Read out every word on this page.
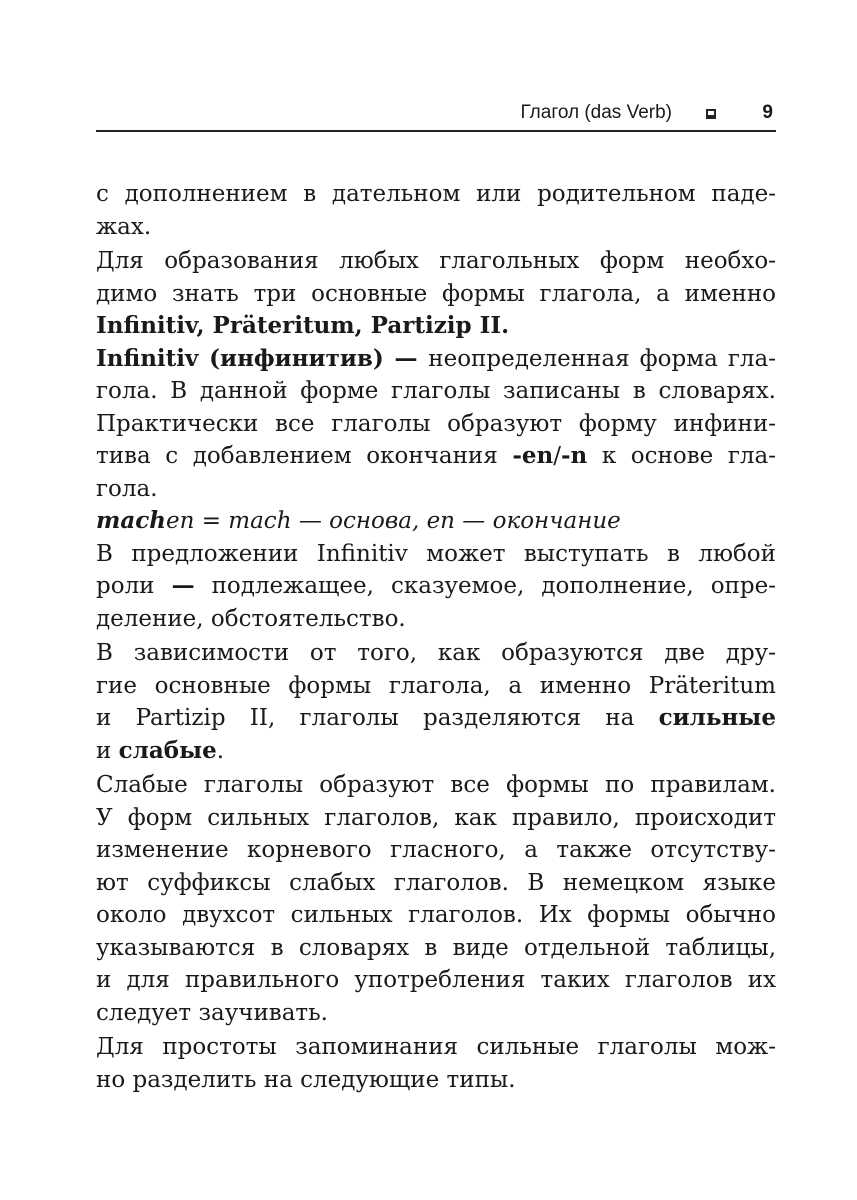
Глагол (das Verb)	9
с дополнением в дательном или родительном паде-
жах.
Для образования любых глагольных форм необхо-
димо знать три основные формы глагола, а именно
Infinitiv, Präteritum, Partizip II.
Infinitiv (инфинитив) — неопределенная форма гла-
гола. В данной форме глаголы записаны в словарях.
Практически все глаголы образуют форму инфини-
тива с добавлением окончания -en/-n к основе гла-
гола.
machen = mach — основа, en — окончание
В предложении Infinitiv может выступать в любой
роли — подлежащее, сказуемое, дополнение, опре-
деление, обстоятельство.
В зависимости от того, как образуются две дру-
гие основные формы глагола, а именно Präteritum
и Partizip II, глаголы разделяются на сильные
и слабые.
Слабые глаголы образуют все формы по правилам.
У форм сильных глаголов, как правило, происходит
изменение корневого гласного, а также отсутству-
ют суффиксы слабых глаголов. В немецком языке
около двухсот сильных глаголов. Их формы обычно
указываются в словарях в виде отдельной таблицы,
и для правильного употребления таких глаголов их
следует заучивать.
Для простоты запоминания сильные глаголы мож-
но разделить на следующие типы.
